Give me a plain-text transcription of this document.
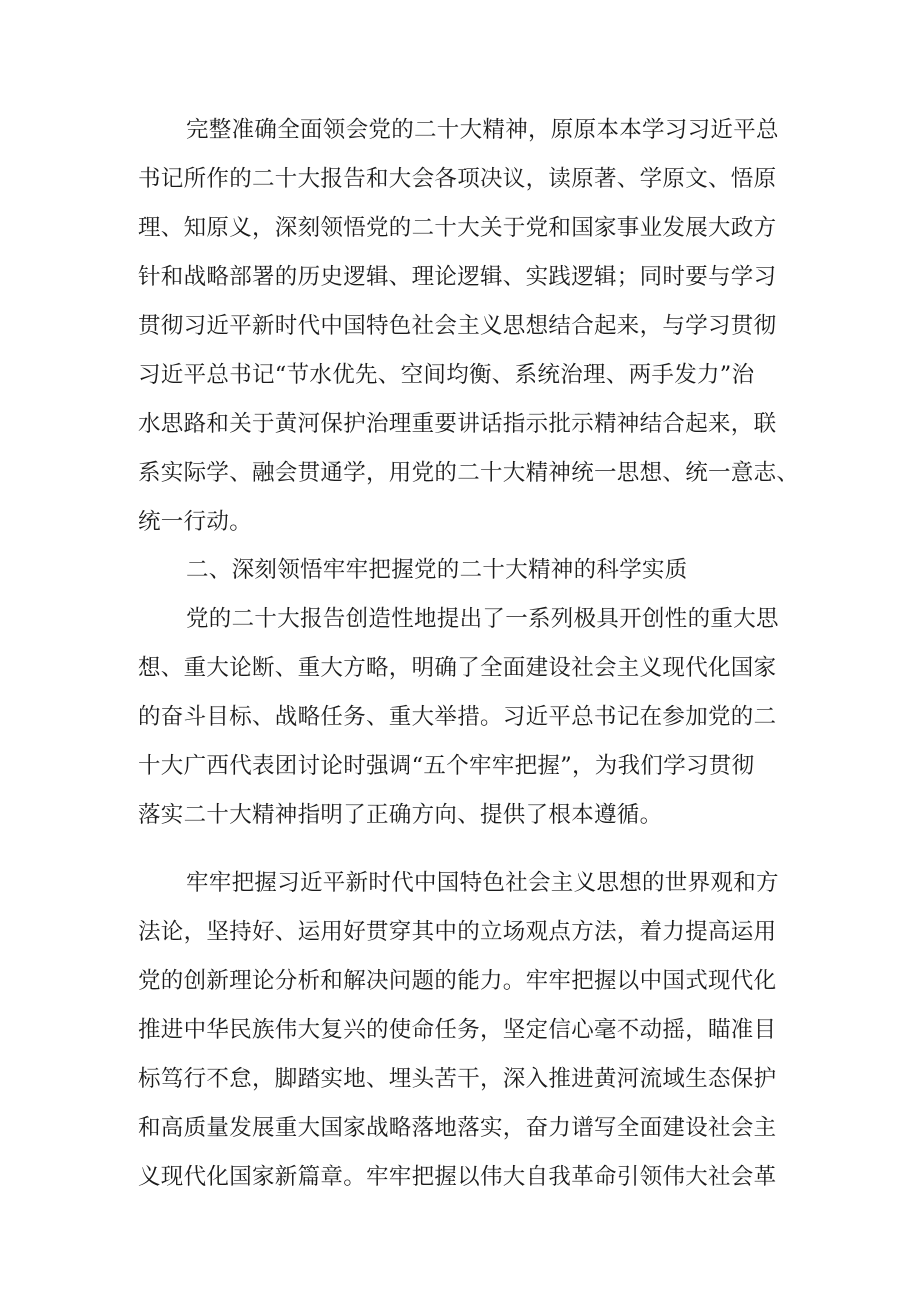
完整准确全面领会党的二十大精神，原原本本学习习近平总
书记所作的二十大报告和大会各项决议，读原著、学原文、悟原
理、知原义，深刻领悟党的二十大关于党和国家事业发展大政方
针和战略部署的历史逻辑、理论逻辑、实践逻辑；同时要与学习
贯彻习近平新时代中国特色社会主义思想结合起来，与学习贯彻
习近平总书记“节水优先、空间均衡、系统治理、两手发力”治
水思路和关于黄河保护治理重要讲话指示批示精神结合起来，联
系实际学、融会贯通学，用党的二十大精神统一思想、统一意志、
统一行动。
二、深刻领悟牢牢把握党的二十大精神的科学实质
党的二十大报告创造性地提出了一系列极具开创性的重大思
想、重大论断、重大方略，明确了全面建设社会主义现代化国家
的奋斗目标、战略任务、重大举措。习近平总书记在参加党的二
十大广西代表团讨论时强调“五个牢牢把握”，为我们学习贯彻
落实二十大精神指明了正确方向、提供了根本遵循。
牢牢把握习近平新时代中国特色社会主义思想的世界观和方
法论，坚持好、运用好贯穿其中的立场观点方法，着力提高运用
党的创新理论分析和解决问题的能力。牢牢把握以中国式现代化
推进中华民族伟大复兴的使命任务，坚定信心毫不动摇，瞄准目
标笃行不怠，脚踏实地、埋头苦干，深入推进黄河流域生态保护
和高质量发展重大国家战略落地落实，奋力谱写全面建设社会主
义现代化国家新篇章。牢牢把握以伟大自我革命引领伟大社会革
